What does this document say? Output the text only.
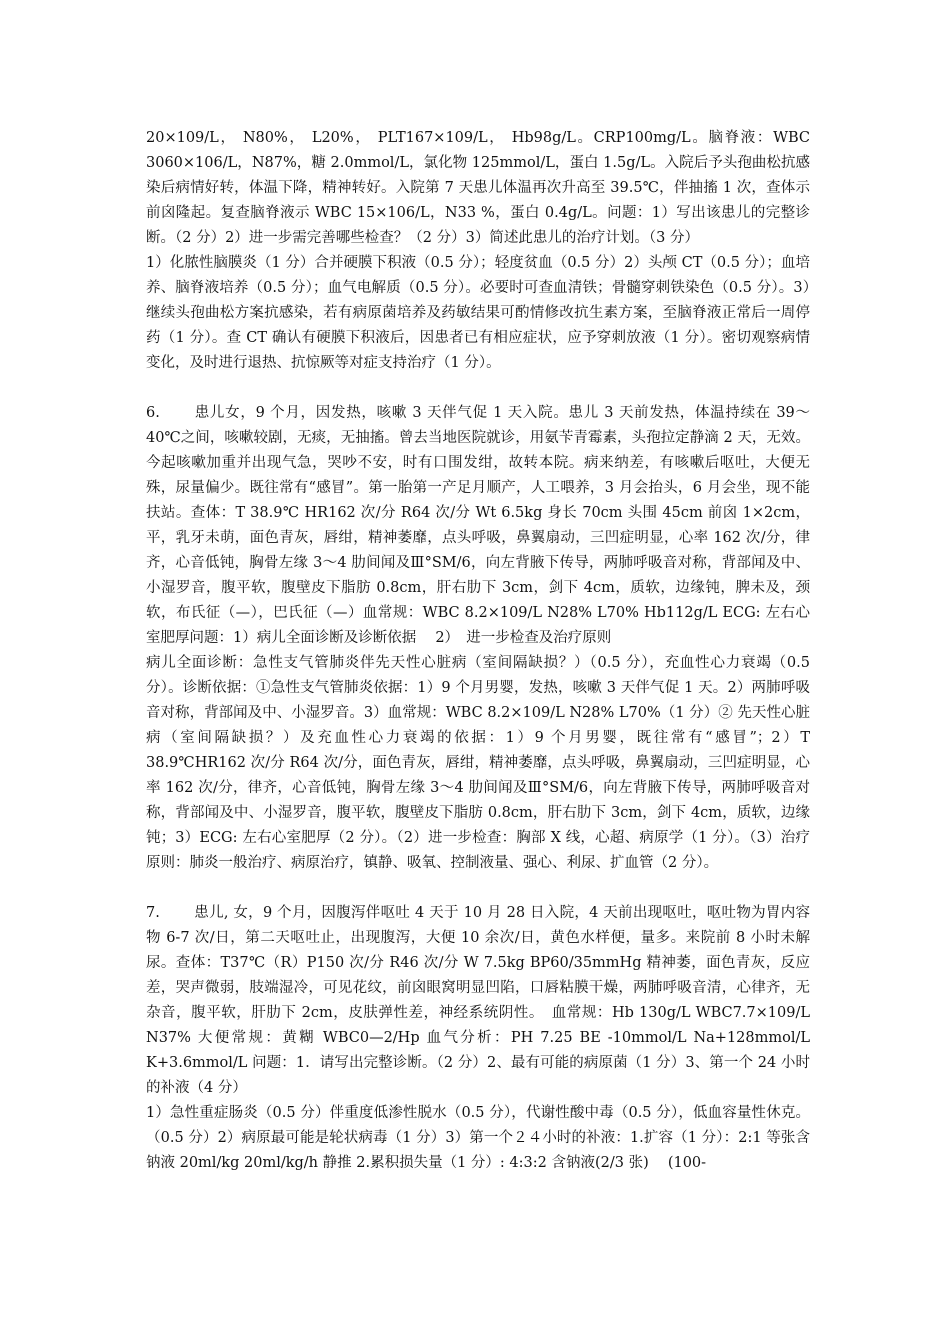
20×109/L， N80%， L20%， PLT167×109/L， Hb98g/L。CRP100mg/L。脑脊液：WBC 3060×106/L，N87%，糖 2.0mmol/L，氯化物 125mmol/L，蛋白 1.5g/L。入院后予头孢曲松抗感染后病情好转，体温下降，精神转好。入院第 7 天患儿体温再次升高至 39.5℃，伴抽搐 1 次，查体示前囟隆起。复查脑脊液示 WBC 15×106/L，N33 %，蛋白 0.4g/L。问题：1）写出该患儿的完整诊断。（2 分）2）进一步需完善哪些检查？（2 分）3）简述此患儿的治疗计划。（3 分）

1）化脓性脑膜炎（1 分）合并硬膜下积液（0.5 分）；轻度贫血（0.5 分）2）头颅 CT（0.5 分）；血培养、脑脊液培养（0.5 分）；血气电解质（0.5 分）。必要时可查血清铁；骨髓穿刺铁染色（0.5 分）。3）继续头孢曲松方案抗感染，若有病原菌培养及药敏结果可酌情修改抗生素方案，至脑脊液正常后一周停药（1 分）。查 CT 确认有硬膜下积液后，因患者已有相应症状，应予穿刺放液（1 分）。密切观察病情变化，及时进行退热、抗惊厥等对症支持治疗（1 分）。

6. 患儿女，9 个月，因发热，咳嗽 3 天伴气促 1 天入院。患儿 3 天前发热，体温持续在 39～40℃之间，咳嗽较剧，无痰，无抽搐。曾去当地医院就诊，用氨苄青霉素，头孢拉定静滴 2 天，无效。今起咳嗽加重并出现气急，哭吵不安，时有口围发绀，故转本院。病来纳差，有咳嗽后呕吐，大便无殊，尿量偏少。既往常有“感冒”。第一胎第一产足月顺产，人工喂养，3 月会抬头，6 月会坐，现不能扶站。查体：T 38.9℃ HR162 次/分 R64 次/分 Wt 6.5kg 身长 70cm 头围 45cm 前囟 1×2cm，平，乳牙未萌，面色青灰，唇绀，精神萎靡，点头呼吸，鼻翼扇动，三凹症明显，心率 162 次/分，律齐，心音低钝，胸骨左缘 3～4 肋间闻及Ⅲ°SM/6，向左背腋下传导，两肺呼吸音对称，背部闻及中、小湿罗音，腹平软，腹壁皮下脂肪 0.8cm，肝右肋下 3cm，剑下 4cm，质软，边缘钝，脾未及，颈软，布氏征（—），巴氏征（—）血常规：WBC 8.2×109/L N28% L70% Hb112g/L ECG: 左右心室肥厚问题：1）病儿全面诊断及诊断依据　 2）　进一步检查及治疗原则

病儿全面诊断：急性支气管肺炎伴先天性心脏病（室间隔缺损？）（0.5 分），充血性心力衰竭（0.5 分）。诊断依据：①急性支气管肺炎依据：1）9 个月男婴，发热，咳嗽 3 天伴气促 1 天。2）两肺呼吸音对称，背部闻及中、小湿罗音。3）血常规：WBC 8.2×109/L N28% L70%（1 分）② 先天性心脏病（室间隔缺损？）及充血性心力衰竭的依据：1）9 个月男婴，既往常有“感冒”；2）T 38.9℃HR162 次/分 R64 次/分，面色青灰，唇绀，精神萎靡，点头呼吸，鼻翼扇动，三凹症明显，心率 162 次/分，律齐，心音低钝，胸骨左缘 3～4 肋间闻及Ⅲ°SM/6，向左背腋下传导，两肺呼吸音对称，背部闻及中、小湿罗音，腹平软，腹壁皮下脂肪 0.8cm，肝右肋下 3cm，剑下 4cm，质软，边缘钝；3）ECG: 左右心室肥厚（2 分）。（2）进一步检查：胸部 X 线，心超、病原学（1 分）。（3）治疗原则：肺炎一般治疗、病原治疗，镇静、吸氧、控制液量、强心、利尿、扩血管（2 分）。

7. 患儿, 女，9 个月，因腹泻伴呕吐 4 天于 10 月 28 日入院，4 天前出现呕吐，呕吐物为胃内容物 6-7 次/日，第二天呕吐止，出现腹泻，大便 10 余次/日，黄色水样便，量多。来院前 8 小时未解尿。查体：T37℃（R）P150 次/分 R46 次/分 W 7.5kg BP60/35mmHg 精神萎，面色青灰，反应差，哭声微弱，肢端湿冷，可见花纹，前囟眼窝明显凹陷，口唇粘膜干燥，两肺呼吸音清，心律齐，无杂音，腹平软，肝肋下 2cm，皮肤弹性差，神经系统阴性。　血常规：Hb 130g/L WBC7.7×109/L N37% 大便常规：黄糊 WBC0—2/Hp 血气分析：PH 7.25 BE -10mmol/L Na+128mmol/L K+3.6mmol/L 问题：1．请写出完整诊断。（2 分）2、最有可能的病原菌（1 分）3、第一个 24 小时的补液（4 分）

1）急性重症肠炎（0.5 分）伴重度低渗性脱水（0.5 分），代谢性酸中毒（0.5 分），低血容量性休克。（0.5 分）2）病原最可能是轮状病毒（1 分）3）第一个２４小时的补液：1.扩容（1 分）：2:1 等张含钠液 20ml/kg 20ml/kg/h 静推 2.累积损失量（1 分）: 4:3:2 含钠液(2/3 张)　 (100-
